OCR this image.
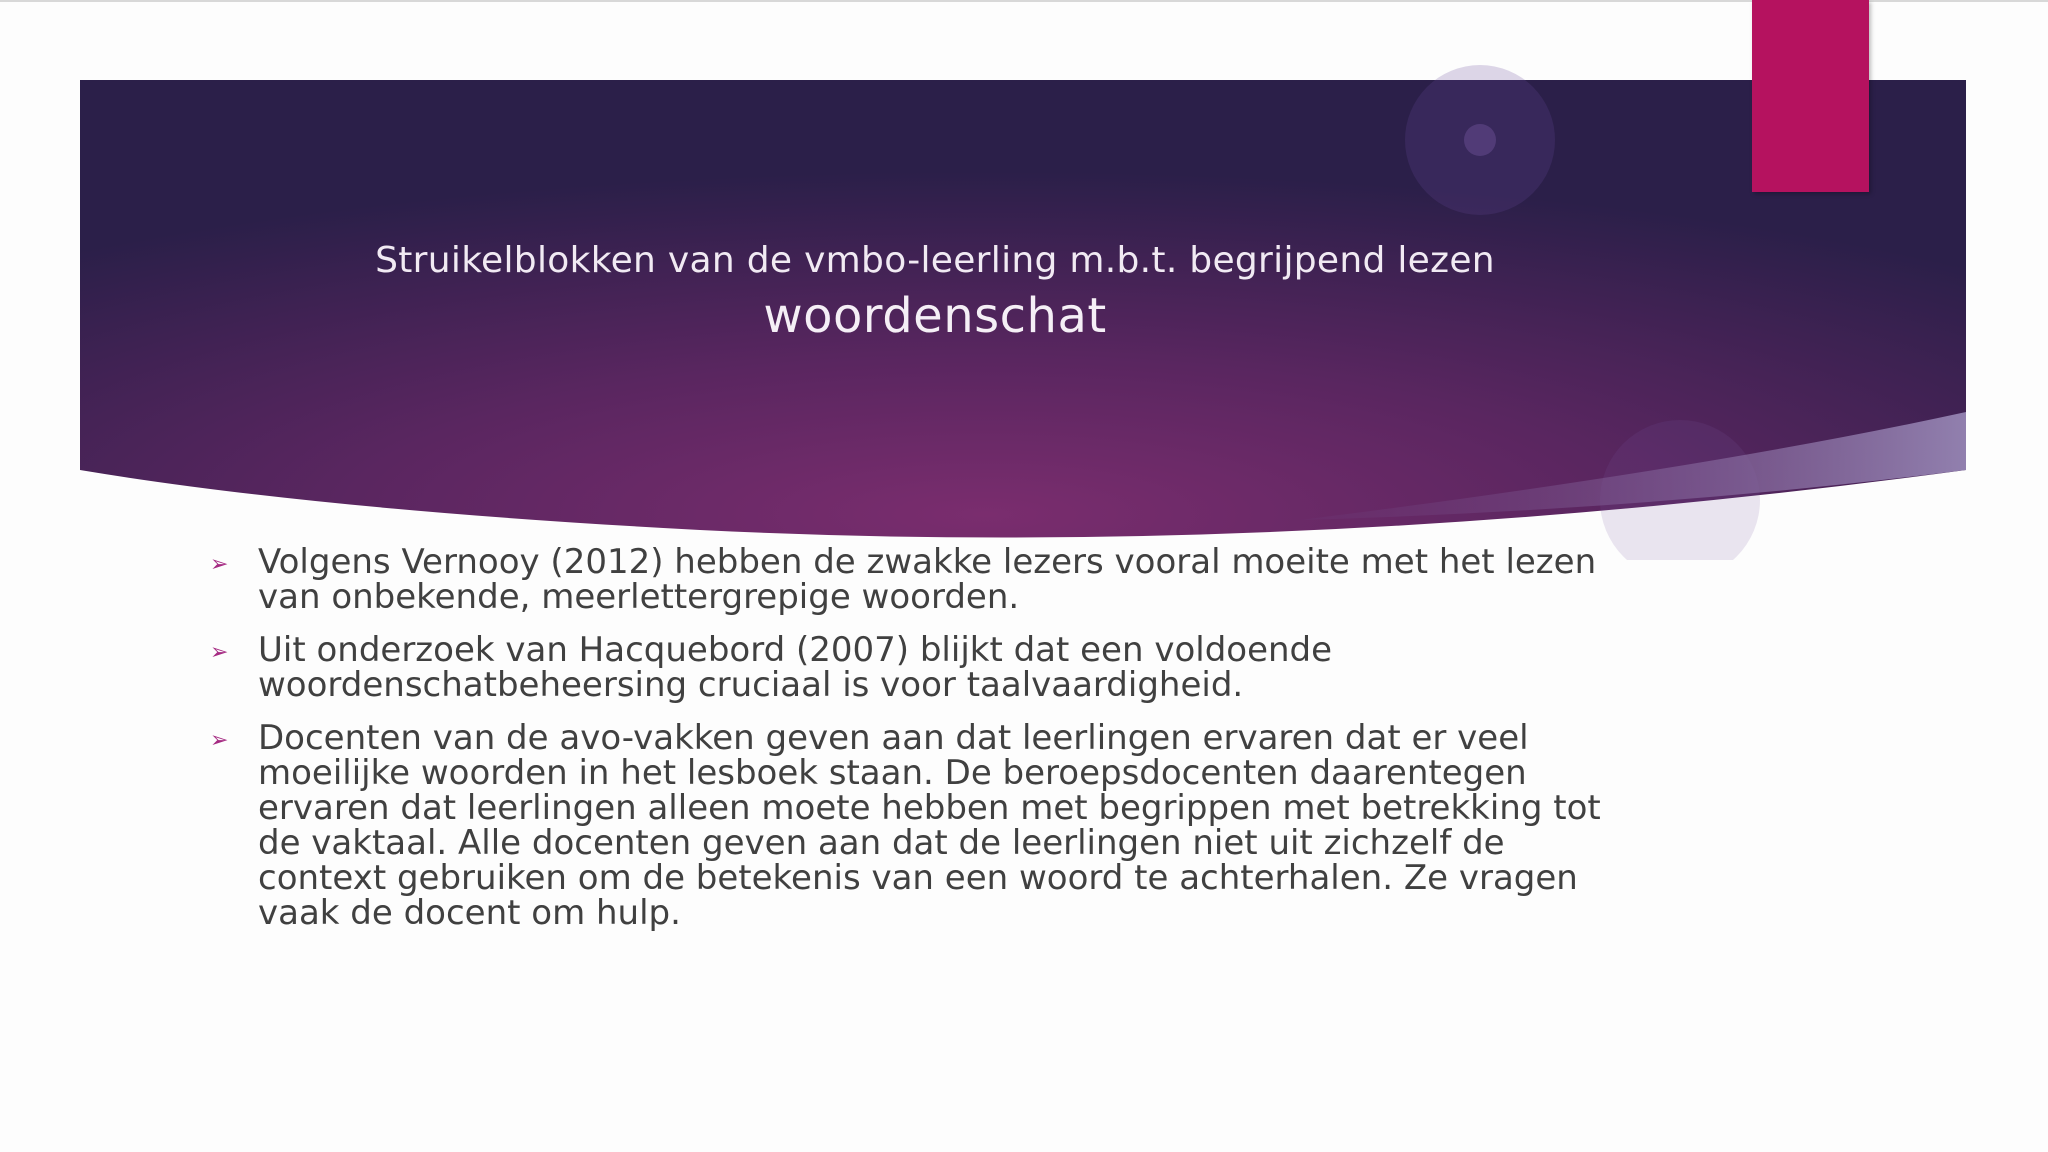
Struikelblokken van de vmbo-leerling m.b.t. begrijpend lezen
woordenschat
➢ Volgens Vernooy (2012) hebben de zwakke lezers vooral moeite met het lezen
van onbekende, meerlettergrepige woorden.
➢ Uit onderzoek van Hacquebord (2007) blijkt dat een voldoende
woordenschatbeheersing cruciaal is voor taalvaardigheid.
➢ Docenten van de avo-vakken geven aan dat leerlingen ervaren dat er veel
moeilijke woorden in het lesboek staan. De beroepsdocenten daarentegen
ervaren dat leerlingen alleen moete hebben met begrippen met betrekking tot
de vaktaal. Alle docenten geven aan dat de leerlingen niet uit zichzelf de
context gebruiken om de betekenis van een woord te achterhalen. Ze vragen
vaak de docent om hulp.
